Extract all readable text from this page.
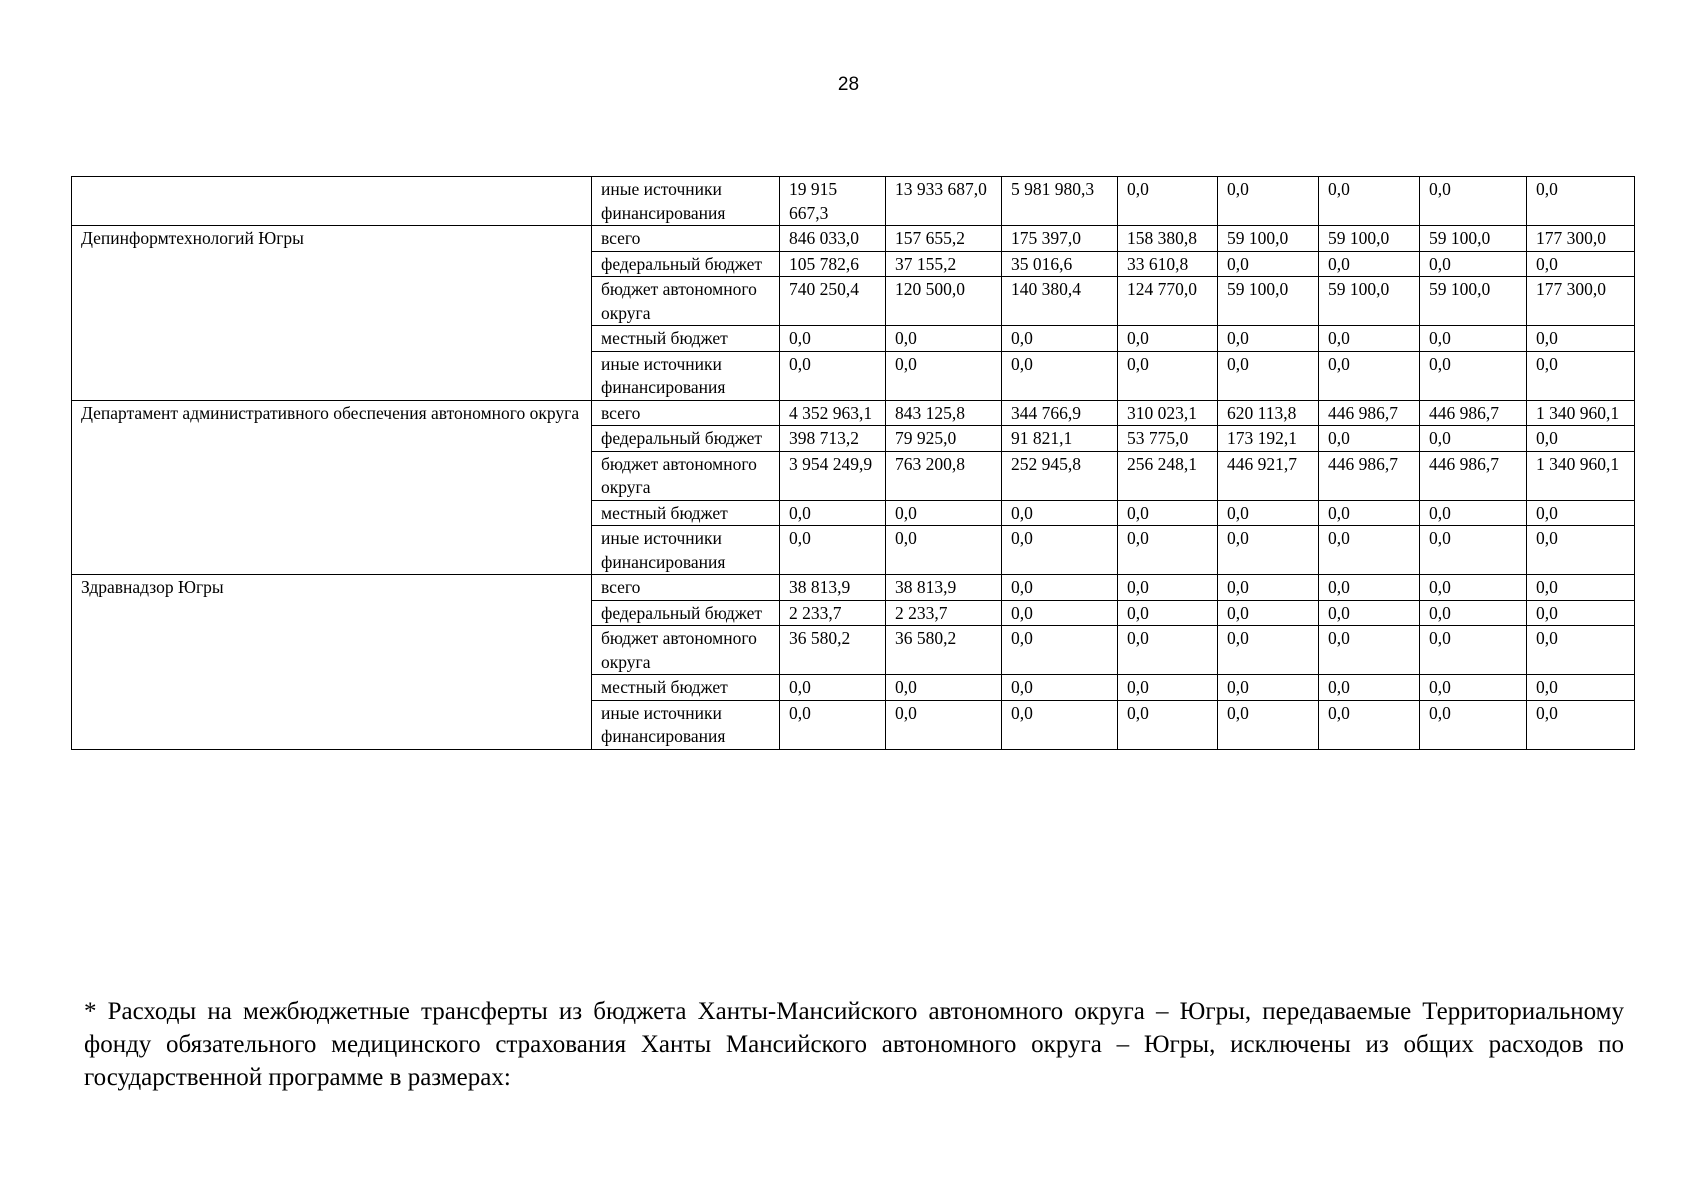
28
	иные источники финансирования	19 915 667,3	13 933 687,0	5 981 980,3	0,0	0,0	0,0	0,0	0,0
Депинформтехнологий Югры	всего	846 033,0	157 655,2	175 397,0	158 380,8	59 100,0	59 100,0	59 100,0	177 300,0
	федеральный бюджет	105 782,6	37 155,2	35 016,6	33 610,8	0,0	0,0	0,0	0,0
	бюджет автономного округа	740 250,4	120 500,0	140 380,4	124 770,0	59 100,0	59 100,0	59 100,0	177 300,0
	местный бюджет	0,0	0,0	0,0	0,0	0,0	0,0	0,0	0,0
	иные источники финансирования	0,0	0,0	0,0	0,0	0,0	0,0	0,0	0,0
Департамент административного обеспечения автономного округа	всего	4 352 963,1	843 125,8	344 766,9	310 023,1	620 113,8	446 986,7	446 986,7	1 340 960,1
	федеральный бюджет	398 713,2	79 925,0	91 821,1	53 775,0	173 192,1	0,0	0,0	0,0
	бюджет автономного округа	3 954 249,9	763 200,8	252 945,8	256 248,1	446 921,7	446 986,7	446 986,7	1 340 960,1
	местный бюджет	0,0	0,0	0,0	0,0	0,0	0,0	0,0	0,0
	иные источники финансирования	0,0	0,0	0,0	0,0	0,0	0,0	0,0	0,0
Здравнадзор Югры	всего	38 813,9	38 813,9	0,0	0,0	0,0	0,0	0,0	0,0
	федеральный бюджет	2 233,7	2 233,7	0,0	0,0	0,0	0,0	0,0	0,0
	бюджет автономного округа	36 580,2	36 580,2	0,0	0,0	0,0	0,0	0,0	0,0
	местный бюджет	0,0	0,0	0,0	0,0	0,0	0,0	0,0	0,0
	иные источники финансирования	0,0	0,0	0,0	0,0	0,0	0,0	0,0	0,0

* Расходы на межбюджетные трансферты из бюджета Ханты-Мансийского автономного округа – Югры, передаваемые Территориальному фонду обязательного медицинского страхования Ханты Мансийского автономного округа – Югры, исключены из общих расходов по государственной программе в размерах:
